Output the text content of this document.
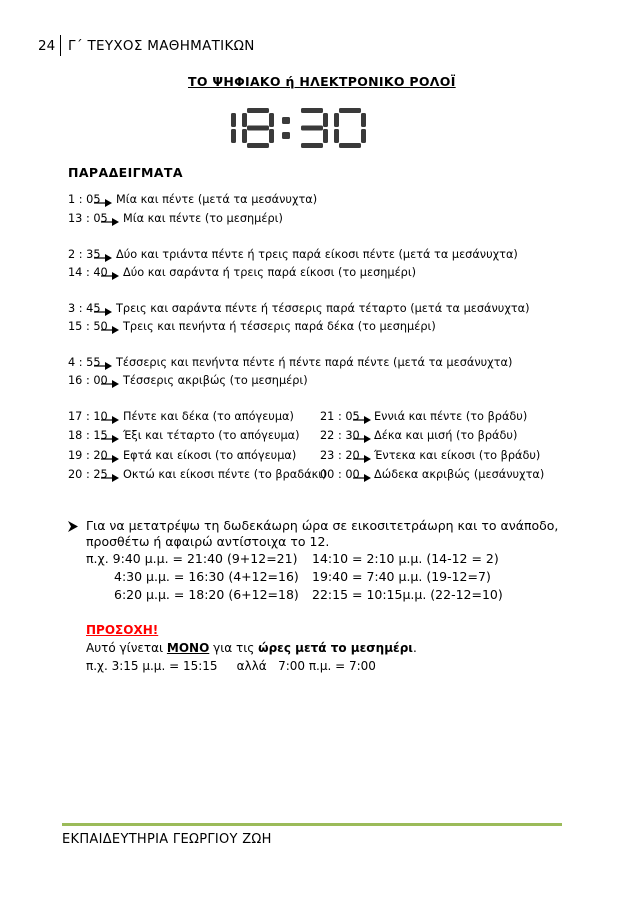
24 Γ΄ ΤΕΥΧΟΣ ΜΑΘΗΜΑΤΙΚΩΝ
ΤΟ ΨΗΦΙΑΚΟ ή ΗΛΕΚΤΡΟΝΙΚΟ ΡΟΛΟΪ
ΠΑΡΑΔΕΙΓΜΑΤΑ
1 : 05 Μία και πέντε (μετά τα μεσάνυχτα)
13 : 05 Μία και πέντε (το μεσημέρι)
2 : 35 Δύο και τριάντα πέντε ή τρεις παρά είκοσι πέντε (μετά τα μεσάνυχτα)
14 : 40 Δύο και σαράντα ή τρεις παρά είκοσι (το μεσημέρι)
3 : 45 Τρεις και σαράντα πέντε ή τέσσερις παρά τέταρτο (μετά τα μεσάνυχτα)
15 : 50 Τρεις και πενήντα ή τέσσερις παρά δέκα (το μεσημέρι)
4 : 55 Τέσσερις και πενήντα πέντε ή πέντε παρά πέντε (μετά τα μεσάνυχτα)
16 : 00 Τέσσερις ακριβώς (το μεσημέρι)
17 : 10 Πέντε και δέκα (το απόγευμα)
18 : 15 Έξι και τέταρτο (το απόγευμα)
19 : 20 Εφτά και είκοσι (το απόγευμα)
20 : 25 Οκτώ και είκοσι πέντε (το βραδάκι)
21 : 05 Εννιά και πέντε (το βράδυ)
22 : 30 Δέκα και μισή (το βράδυ)
23 : 20 Έντεκα και είκοσι (το βράδυ)
00 : 00 Δώδεκα ακριβώς (μεσάνυχτα)
Για να μετατρέψω τη δωδεκάωρη ώρα σε εικοσιτετράωρη και το ανάποδο,
προσθέτω ή αφαιρώ αντίστοιχα το 12.
π.χ. 9:40 μ.μ. = 21:40 (9+12=21) 14:10 = 2:10 μ.μ. (14-12 = 2)
4:30 μ.μ. = 16:30 (4+12=16) 19:40 = 7:40 μ.μ. (19-12=7)
6:20 μ.μ. = 18:20 (6+12=18) 22:15 = 10:15μ.μ. (22-12=10)
ΠΡΟΣΟΧΗ!
Αυτό γίνεται ΜΟΝΟ για τις ώρες μετά το μεσημέρι.
π.χ. 3:15 μ.μ. = 15:15     αλλά   7:00 π.μ. = 7:00
ΕΚΠΑΙΔΕΥΤΗΡΙΑ ΓΕΩΡΓΙΟΥ ΖΩΗ
